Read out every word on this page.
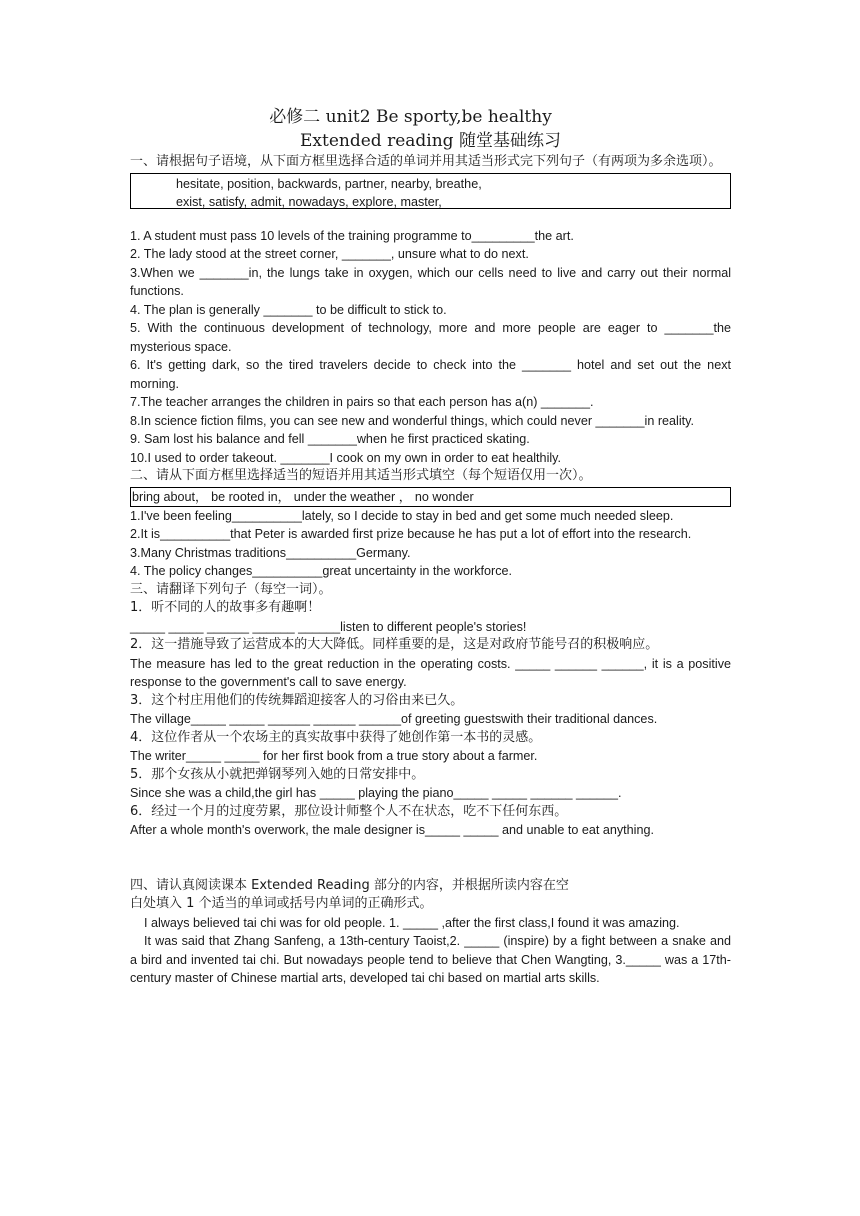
必修二 unit2 Be sporty,be healthy

Extended reading 随堂基础练习

一、请根据句子语境，从下面方框里选择合适的单词并用其适当形式完下列句子（有两项为多余选项）。

hesitate, position, backwards, partner, nearby, breathe,
exist, satisfy, admit, nowadays, explore, master,

1. A student must pass 10 levels of the training programme to_________the art.

2. The lady stood at the street corner, _______, unsure what to do next.

3.When we _______in, the lungs take in oxygen, which our cells need to live and carry out their normal functions.

4. The plan is generally _______ to be difficult to stick to.

5. With the continuous development of technology, more and more people are eager to _______the mysterious space.

6. It's getting dark, so the tired travelers decide to check into the _______ hotel and set out the next morning.

7.The teacher arranges the children in pairs so that each person has a(n) _______.

8.In science fiction films, you can see new and wonderful things, which could never _______in reality.

9. Sam lost his balance and fell _______when he first practiced skating.

10.I used to order takeout. _______I cook on my own in order to eat healthily.

二、请从下面方框里选择适当的短语并用其适当形式填空（每个短语仅用一次）。

bring about， be rooted in， under the weather ， no wonder

1.I've been feeling__________lately, so I decide to stay in bed and get some much needed sleep.

2.It is__________that Peter is awarded first prize because he has put a lot of effort into the research.

3.Many Christmas traditions__________Germany.

4. The policy changes__________great uncertainty in the workforce.

三、请翻译下列句子（每空一词）。

1．听不同的人的故事多有趣啊！

_____ _____ ______ ______ ______listen to different people's stories!

2．这一措施导致了运营成本的大大降低。同样重要的是，这是对政府节能号召的积极响应。

The measure has led to the great reduction in the operating costs. _____ ______ ______, it is a positive response to the government's call to save energy.

3．这个村庄用他们的传统舞蹈迎接客人的习俗由来已久。

The village_____ _____ ______ ______ ______of greeting guestswith their traditional dances.

4．这位作者从一个农场主的真实故事中获得了她创作第一本书的灵感。

The writer_____ _____ for her first book from a true story about a farmer.

5．那个女孩从小就把弹钢琴列入她的日常安排中。

Since she was a child,the girl has _____ playing the piano_____ _____ ______ ______.

6．经过一个月的过度劳累，那位设计师整个人不在状态，吃不下任何东西。

After a whole month's overwork, the male designer is_____ _____ and unable to eat anything.

四、请认真阅读课本 Extended Reading 部分的内容，并根据所读内容在空

白处填入 1 个适当的单词或括号内单词的正确形式。

I always believed tai chi was for old people. 1. _____ ,after the first class,I found it was amazing.

It was said that Zhang Sanfeng, a 13th-century Taoist,2. _____ (inspire) by a fight between a snake and a bird and invented tai chi. But nowadays people tend to believe that Chen Wangting, 3._____ was a 17th-century master of Chinese martial arts, developed tai chi based on martial arts skills.
